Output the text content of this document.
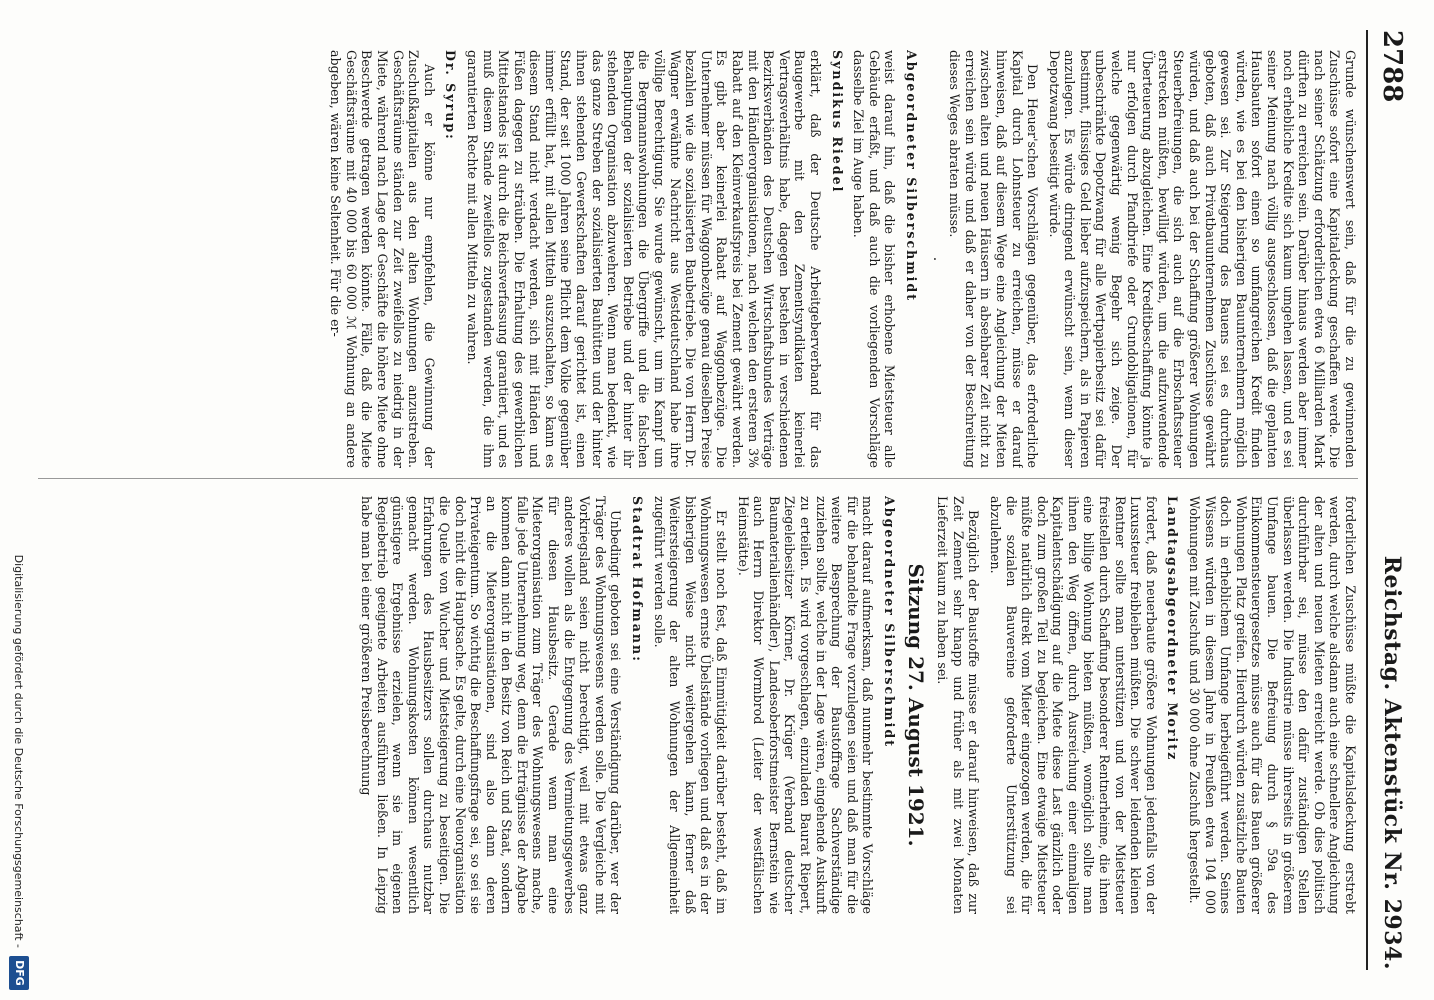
2788
Reichstag. Aktenstück Nr. 2934.

Grunde wünschenswert sein, daß für die zu gewinnenden Zuschüsse sofort eine Kapitaldeckung geschaffen werde. Die nach seiner Schätzung erforderlichen etwa 6 Milliarden Mark dürften zu erreichen sein. Darüber hinaus werden aber immer noch erhebliche Kredite sich kaum umgehen lassen, und es sei seiner Meinung nach völlig ausgeschlossen, daß die geplanten Hausbauten sofort einen so umfangreichen Kredit finden würden, wie es bei den bisherigen Bauunternehmern möglich gewesen sei. Zur Steigerung des Bauens sei es durchaus geboten, daß auch Privatbauunternehmen Zuschüsse gewährt würden, und daß auch bei der Schaffung größerer Wohnungen Steuerbefreiungen, die sich auch auf die Erbschaftssteuer erstrecken müßten, bewilligt würden, um die aufzuwendende Überteuerung abzugleichen. Eine Kreditbeschaffung könnte ja nur erfolgen durch Pfandbriefe oder Grundobligationen, für welche gegenwärtig wenig Begehr sich zeige. Der unbeschränkte Depotzwang für alle Wertpapierbesitz sei dafür bestimmt, flüssiges Geld lieber aufzuspeichern, als in Papieren anzulegen. Es würde dringend erwünscht sein, wenn dieser Depotzwang beseitigt würde.

Den Heuer'schen Vorschlägen gegenüber, das erforderliche Kapital durch Lohnsteuer zu erreichen, müsse er darauf hinweisen, daß auf diesem Wege eine Angleichung der Mieten zwischen alten und neuen Häusern in absehbarer Zeit nicht zu erreichen sein würde und daß er daher von der Beschreitung dieses Weges abraten müsse.

·

Abgeordneter Silberschmidt

weist darauf hin, daß die bisher erhobene Mietsteuer alle Gebäude erfaßt, und daß auch die vorliegenden Vorschläge dasselbe Ziel im Auge haben.

Syndikus Riedel

erklärt, daß der Deutsche Arbeitgeberverband für das Baugewerbe mit den Zementsyndikaten keinerlei Vertragsverhältnis habe, dagegen bestehen in verschiedenen Bezirksverbänden des Deutschen Wirtschaftsbundes Verträge mit den Händlerorganisationen, nach welchen den ersteren 3% Rabatt auf den Kleinverkaufspreis bei Zement gewährt werden. Es gibt aber keinerlei Rabatt auf Waggonbezüge. Die Unternehmer müssen für Waggonbezüge genau dieselben Preise bezahlen wie die sozialisierten Baubetriebe. Die von Herrn Dr. Wagner erwähnte Nachricht aus Westdeutschland habe ihre völlige Berechtigung. Sie wurde gewünscht, um im Kampf um die Bergmannswohnungen die Übergriffe und die falschen Behauptungen der sozialisierten Betriebe und der hinter ihr stehenden Organisation abzuwehren. Wenn man bedenkt, wie das ganze Streben der sozialisierten Bauhütten und der hinter ihnen stehenden Gewerkschaften darauf gerichtet ist, einen Stand, der seit 1000 Jahren seine Pflicht dem Volke gegenüber immer erfüllt hat, mit allen Mitteln auszuschalten, so kann es diesem Stand nicht verdacht werden, sich mit Händen und Füßen dagegen zu sträuben. Die Erhaltung des gewerblichen Mittelstandes ist durch die Reichsverfassung garantiert, und es muß diesem Stande zweifellos zugestanden werden, die ihm garantierten Rechte mit allen Mitteln zu wahren.

Dr. Syrup:

Auch er könne nur empfehlen, die Gewinnung der Zuschußkapitalien aus den alten Wohnungen anzustreben. Geschäftsräume ständen zur Zeit zweifellos zu niedrig in der Miete, während nach Lage der Geschäfte die höhere Miete ohne Beschwerde getragen werden könnte. Fälle, daß die Miete Geschäftsräume mit 40 000 bis 60 000 ℳ Wohnung an andere abgeben, wären keine Seltenheit. Für die er-

forderlichen Zuschüsse müßte die Kapitalsdeckung erstrebt werden, durch welche alsdann auch eine schnellere Angleichung der alten und neuen Mieten erreicht werde. Ob dies politisch durchführbar sei, müsse den dafür zuständigen Stellen überlassen werden. Die Industrie müsse ihrerseits in größerem Umfange bauen. Die Befreiung durch § 59a des Einkommensteuergesetzes müsse auch für das Bauen größerer Wohnungen Platz greifen. Hierdurch würden zusätzliche Bauten doch in erheblichem Umfange herbeigeführt werden. Seines Wissens würden in diesem Jahre in Preußen etwa 104 000 Wohnungen mit Zuschuß und 30 000 ohne Zuschuß hergestellt.

Landtagsabgeordneter Moritz

fordert, daß neuerbaute größere Wohnungen jedenfalls von der Luxussteuer freibleiben müßten. Die schwer leidenden kleinen Rentner sollte man unterstützen und von der Mietsteuer freistellen durch Schaffung besonderer Rentnerheime, die ihnen eine billige Wohnung bieten müßten, womöglich sollte man ihnen den Weg öffnen, durch Ausreichung einer einmaligen Kapitalentschädigung auf die Miete diese Last gänzlich oder doch zum großen Teil zu begleichen. Eine etwaige Mietsteuer müßte natürlich direkt vom Mieter eingezogen werden, die für die sozialen Bauvereine geforderte Unterstützung sei abzulehnen.

Bezüglich der Baustoffe müsse er darauf hinweisen, daß zur Zeit Zement sehr knapp und früher als mit zwei Monaten Lieferzeit kaum zu haben sei.

Sitzung 27. August 1921.

Abgeordneter Silberschmidt

macht darauf aufmerksam, daß nunmehr bestimmte Vorschläge für die behandelte Frage vorzulegen seien und daß man für die weitere Besprechung der Baustoffrage Sachverständige zuziehen sollte, welche in der Lage wären, eingehende Auskunft zu erteilen. Es wird vorgeschlagen, einzuladen Baurat Riepert, Ziegeleibesitzer Körner, Dr. Krüger (Verband deutscher Baumaterialienhändler), Landesoberforstmeister Bernstein wie auch Herrn Direktor Wormbrod (Leiter der westfälischen Heimstätte).

Er stellt noch fest, daß Einmütigkeit darüber besteht, daß im Wohnungswesen ernste Übelstände vorliegen und daß es in der bisherigen Weise nicht weitergehen kann, ferner daß Weitersteigerung der alten Wohnungen der Allgemeinheit zugeführt werden solle.

Stadtrat Hofmann:

Unbedingt geboten sei eine Verständigung darüber, wer der Träger des Wohnungswesens werden solle. Die Vergleiche mit Vorkriegsland seien nicht berechtigt, weil mit etwas ganz anderes wollen als die Entgegnung des Vermietungsgewerbes für diesen Hausbesitz. Gerade wenn man eine Mieterorganisation zum Träger des Wohnungswesens mache, falle jede Unternehmung weg, denn die Erträgnisse der Abgabe kommen dann nicht in den Besitz von Reich und Staat, sondern an die Mieterorganisationen, sind also dann deren Privateigentum. So wichtig die Beschaffungsfrage sei, so sei sie doch nicht die Hauptsache. Es gelte, durch eine Neuorganisation die Quelle von Wucher und Mietsteigerung zu beseitigen. Die Erfahrungen des Hausbesitzers sollen durchaus nutzbar gemacht werden. Wohnungskosten können wesentlich günstigere Ergebnisse erzielen, wenn sie im eigenen Regiebetrieb geeignete Arbeiten ausführen ließen. In Leipzig habe man bei einer größeren Preisberechnung

Digitalisierung gefördert durch die Deutsche Forschungsgemeinschaft -
DFG
